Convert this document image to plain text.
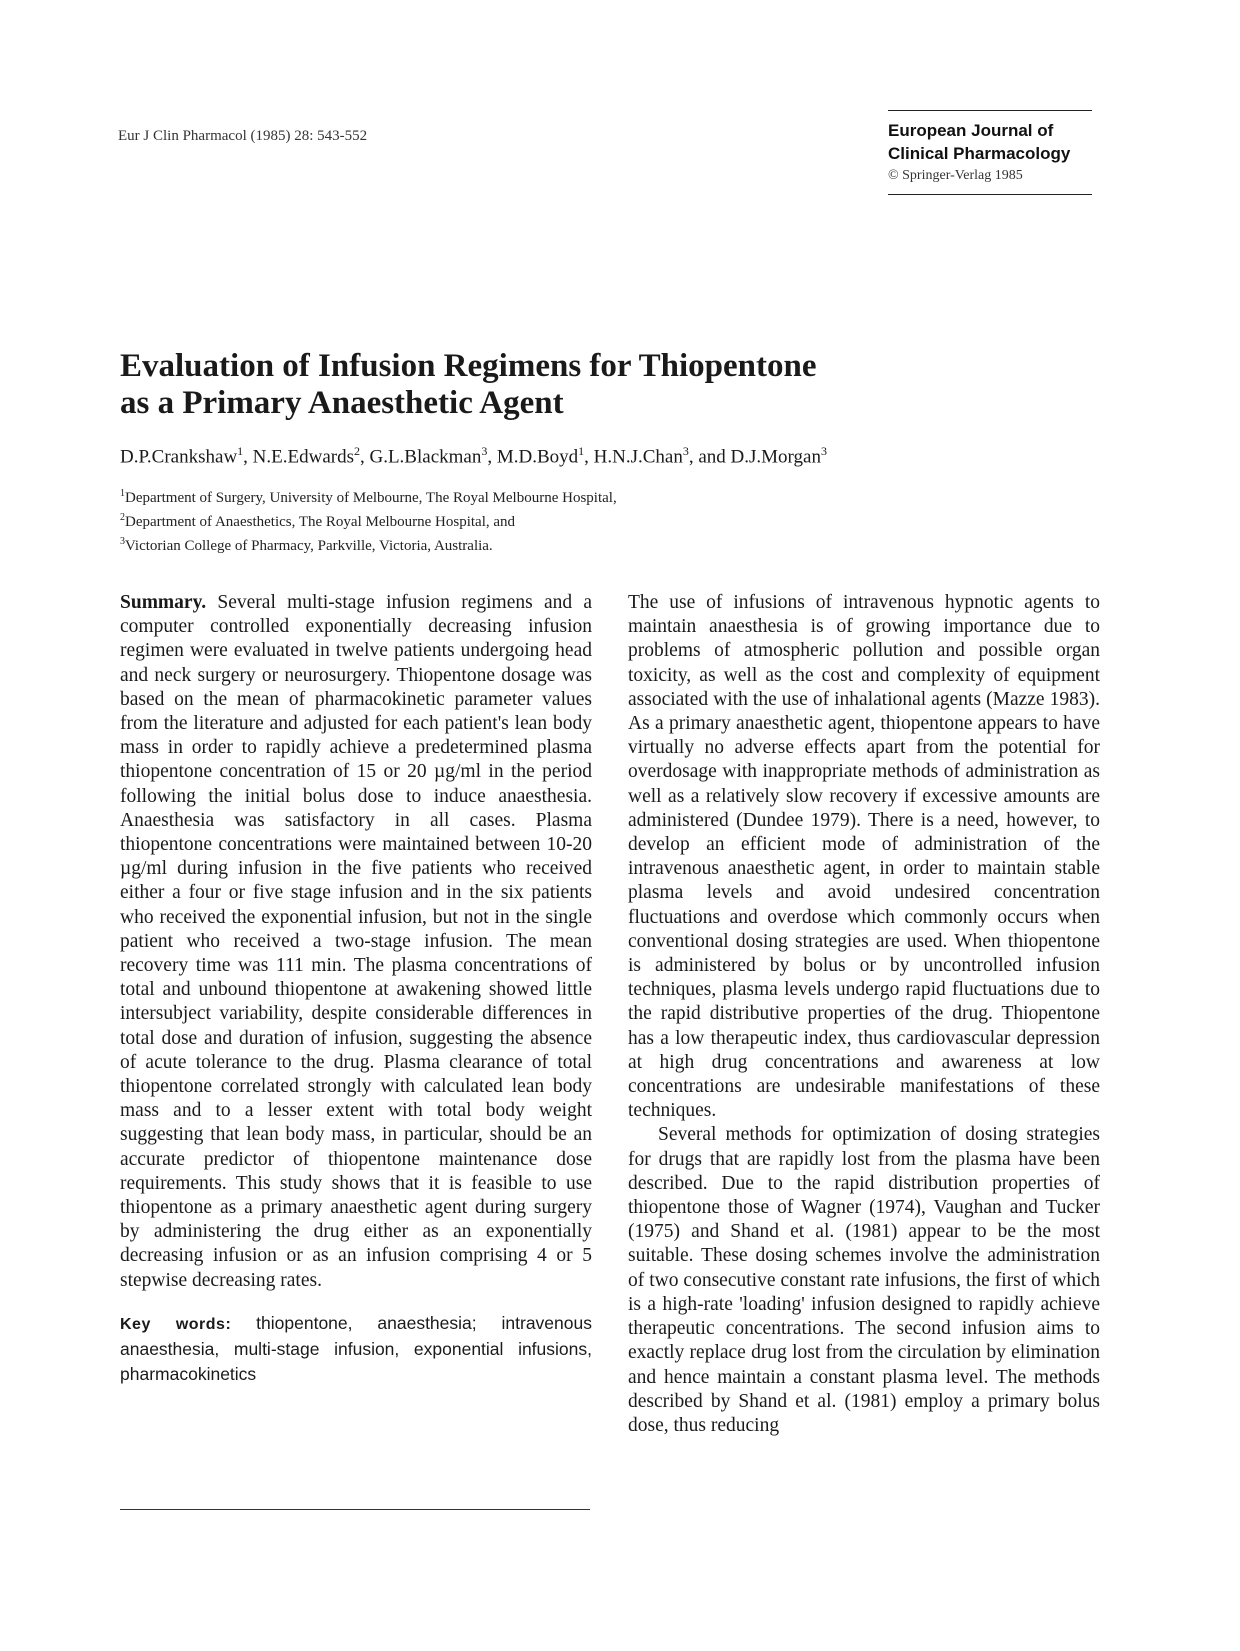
Eur J Clin Pharmacol (1985) 28: 543-552	European Journal of
Clinical Pharmacology
© Springer-Verlag 1985
Evaluation of Infusion Regimens for Thiopentone
as a Primary Anaesthetic Agent
D.P.Crankshaw$^1$, N.E.Edwards$^2$, G.L.Blackman$^3$, M.D.Boyd$^1$, H.N.J.Chan$^3$, and D.J.Morgan$^3$
$^1$Department of Surgery, University of Melbourne, The Royal Melbourne Hospital,
$^2$Department of Anaesthetics, The Royal Melbourne Hospital, and
$^3$Victorian College of Pharmacy, Parkville, Victoria, Australia.

Summary. Several multi-stage infusion regimens and a computer controlled exponentially decreasing infusion regimen were evaluated in twelve patients undergoing head and neck surgery or neurosurgery. Thiopentone dosage was based on the mean of pharmacokinetic parameter values from the literature and adjusted for each patient's lean body mass in order to rapidly achieve a predetermined plasma thiopentone concentration of 15 or 20 µg/ml in the period following the initial bolus dose to induce anaesthesia. Anaesthesia was satisfactory in all cases. Plasma thiopentone concentrations were maintained between 10-20 µg/ml during infusion in the five patients who received either a four or five stage infusion and in the six patients who received the exponential infusion, but not in the single patient who received a two-stage infusion. The mean recovery time was 111 min. The plasma concentrations of total and unbound thiopentone at awakening showed little intersubject variability, despite considerable differences in total dose and duration of infusion, suggesting the absence of acute tolerance to the drug. Plasma clearance of total thiopentone correlated strongly with calculated lean body mass and to a lesser extent with total body weight suggesting that lean body mass, in particular, should be an accurate predictor of thiopentone maintenance dose requirements. This study shows that it is feasible to use thiopentone as a primary anaesthetic agent during surgery by administering the drug either as an exponentially decreasing infusion or as an infusion comprising 4 or 5 stepwise decreasing rates.

Key words: thiopentone, anaesthesia; intravenous anaesthesia, multi-stage infusion, exponential infusions, pharmacokinetics

The use of infusions of intravenous hypnotic agents to maintain anaesthesia is of growing importance due to problems of atmospheric pollution and possible organ toxicity, as well as the cost and complexity of equipment associated with the use of inhalational agents (Mazze 1983). As a primary anaesthetic agent, thiopentone appears to have virtually no adverse effects apart from the potential for overdosage with inappropriate methods of administration as well as a relatively slow recovery if excessive amounts are administered (Dundee 1979). There is a need, however, to develop an efficient mode of administration of the intravenous anaesthetic agent, in order to maintain stable plasma levels and avoid undesired concentration fluctuations and overdose which commonly occurs when conventional dosing strategies are used. When thiopentone is administered by bolus or by uncontrolled infusion techniques, plasma levels undergo rapid fluctuations due to the rapid distributive properties of the drug. Thiopentone has a low therapeutic index, thus cardiovascular depression at high drug concentrations and awareness at low concentrations are undesirable manifestations of these techniques.

Several methods for optimization of dosing strategies for drugs that are rapidly lost from the plasma have been described. Due to the rapid distribution properties of thiopentone those of Wagner (1974), Vaughan and Tucker (1975) and Shand et al. (1981) appear to be the most suitable. These dosing schemes involve the administration of two consecutive constant rate infusions, the first of which is a high-rate 'loading' infusion designed to rapidly achieve therapeutic concentrations. The second infusion aims to exactly replace drug lost from the circulation by elimination and hence maintain a constant plasma level. The methods described by Shand et al. (1981) employ a primary bolus dose, thus reducing
